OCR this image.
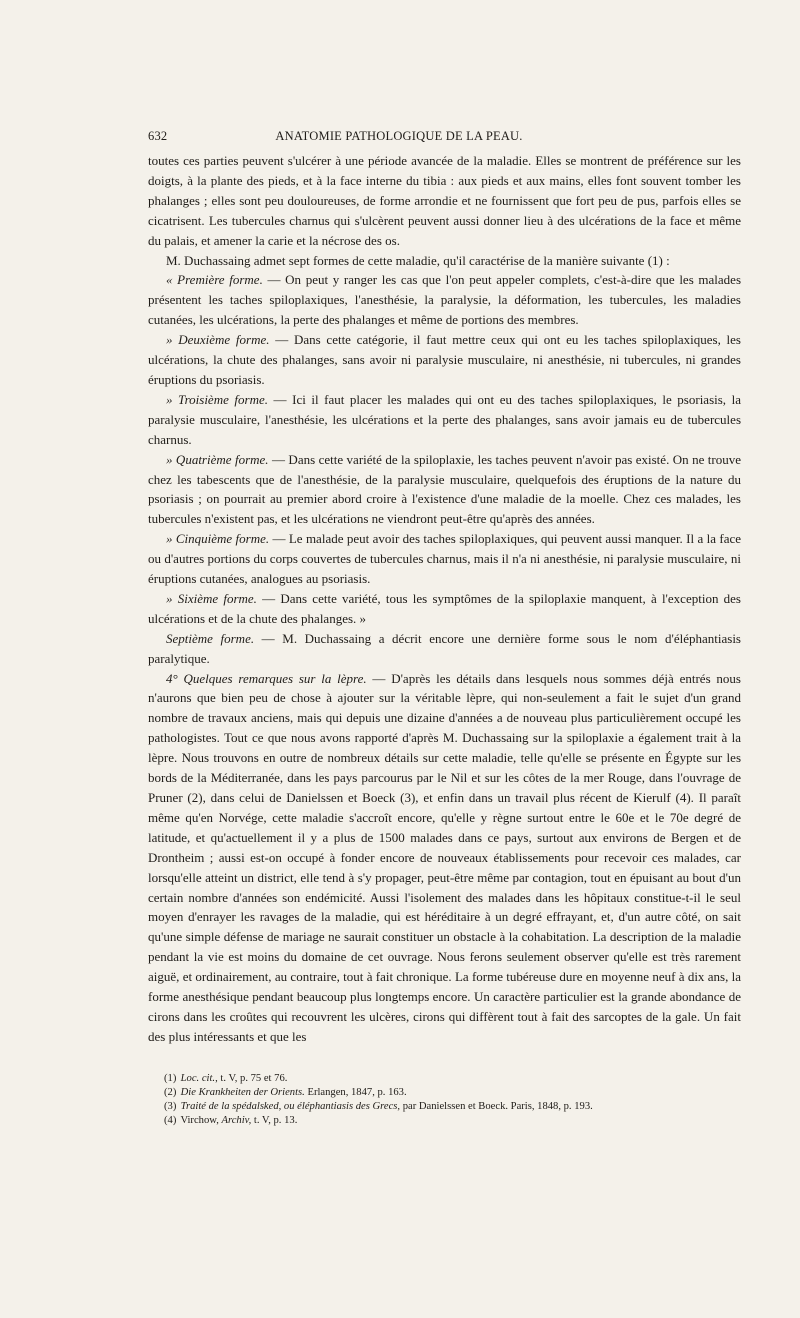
632	ANATOMIE PATHOLOGIQUE DE LA PEAU.

toutes ces parties peuvent s'ulcérer à une période avancée de la maladie. Elles se montrent de préférence sur les doigts, à la plante des pieds, et à la face interne du tibia : aux pieds et aux mains, elles font souvent tomber les phalanges ; elles sont peu douloureuses, de forme arrondie et ne fournissent que fort peu de pus, parfois elles se cicatrisent. Les tubercules charnus qui s'ulcèrent peuvent aussi donner lieu à des ulcérations de la face et même du palais, et amener la carie et la nécrose des os.

M. Duchassaing admet sept formes de cette maladie, qu'il caractérise de la manière suivante (1) :

« Première forme. — On peut y ranger les cas que l'on peut appeler complets, c'est-à-dire que les malades présentent les taches spiloplaxiques, l'anesthésie, la paralysie, la déformation, les tubercules, les maladies cutanées, les ulcérations, la perte des phalanges et même de portions des membres.

» Deuxième forme. — Dans cette catégorie, il faut mettre ceux qui ont eu les taches spiloplaxiques, les ulcérations, la chute des phalanges, sans avoir ni paralysie musculaire, ni anesthésie, ni tubercules, ni grandes éruptions du psoriasis.

» Troisième forme. — Ici il faut placer les malades qui ont eu des taches spiloplaxiques, le psoriasis, la paralysie musculaire, l'anesthésie, les ulcérations et la perte des phalanges, sans avoir jamais eu de tubercules charnus.

» Quatrième forme. — Dans cette variété de la spiloplaxie, les taches peuvent n'avoir pas existé. On ne trouve chez les tabescents que de l'anesthésie, de la paralysie musculaire, quelquefois des éruptions de la nature du psoriasis ; on pourrait au premier abord croire à l'existence d'une maladie de la moelle. Chez ces malades, les tubercules n'existent pas, et les ulcérations ne viendront peut-être qu'après des années.

» Cinquième forme. — Le malade peut avoir des taches spiloplaxiques, qui peuvent aussi manquer. Il a la face ou d'autres portions du corps couvertes de tubercules charnus, mais il n'a ni anesthésie, ni paralysie musculaire, ni éruptions cutanées, analogues au psoriasis.

» Sixième forme. — Dans cette variété, tous les symptômes de la spiloplaxie manquent, à l'exception des ulcérations et de la chute des phalanges. »

Septième forme. — M. Duchassaing a décrit encore une dernière forme sous le nom d'éléphantiasis paralytique.

4° Quelques remarques sur la lèpre. — D'après les détails dans lesquels nous sommes déjà entrés nous n'aurons que bien peu de chose à ajouter sur la véritable lèpre, qui non-seulement a fait le sujet d'un grand nombre de travaux anciens, mais qui depuis une dizaine d'années a de nouveau plus particulièrement occupé les pathologistes. Tout ce que nous avons rapporté d'après M. Duchassaing sur la spiloplaxie a également trait à la lèpre. Nous trouvons en outre de nombreux détails sur cette maladie, telle qu'elle se présente en Égypte sur les bords de la Méditerranée, dans les pays parcourus par le Nil et sur les côtes de la mer Rouge, dans l'ouvrage de Pruner (2), dans celui de Danielssen et Boeck (3), et enfin dans un travail plus récent de Kierulf (4). Il paraît même qu'en Norvége, cette maladie s'accroît encore, qu'elle y règne surtout entre le 60e et le 70e degré de latitude, et qu'actuellement il y a plus de 1500 malades dans ce pays, surtout aux environs de Bergen et de Drontheim ; aussi est-on occupé à fonder encore de nouveaux établissements pour recevoir ces malades, car lorsqu'elle atteint un district, elle tend à s'y propager, peut-être même par contagion, tout en épuisant au bout d'un certain nombre d'années son endémicité. Aussi l'isolement des malades dans les hôpitaux constitue-t-il le seul moyen d'enrayer les ravages de la maladie, qui est héréditaire à un degré effrayant, et, d'un autre côté, on sait qu'une simple défense de mariage ne saurait constituer un obstacle à la cohabitation. La description de la maladie pendant la vie est moins du domaine de cet ouvrage. Nous ferons seulement observer qu'elle est très rarement aiguë, et ordinairement, au contraire, tout à fait chronique. La forme tubéreuse dure en moyenne neuf à dix ans, la forme anesthésique pendant beaucoup plus longtemps encore. Un caractère particulier est la grande abondance de cirons dans les croûtes qui recouvrent les ulcères, cirons qui diffèrent tout à fait des sarcoptes de la gale. Un fait des plus intéressants et que les

(1) Loc. cit., t. V, p. 75 et 76.
(2) Die Krankheiten der Orients. Erlangen, 1847, p. 163.
(3) Traité de la spédalsked, ou éléphantiasis des Grecs, par Danielssen et Boeck. Paris, 1848, p. 193.
(4) Virchow, Archiv, t. V, p. 13.
